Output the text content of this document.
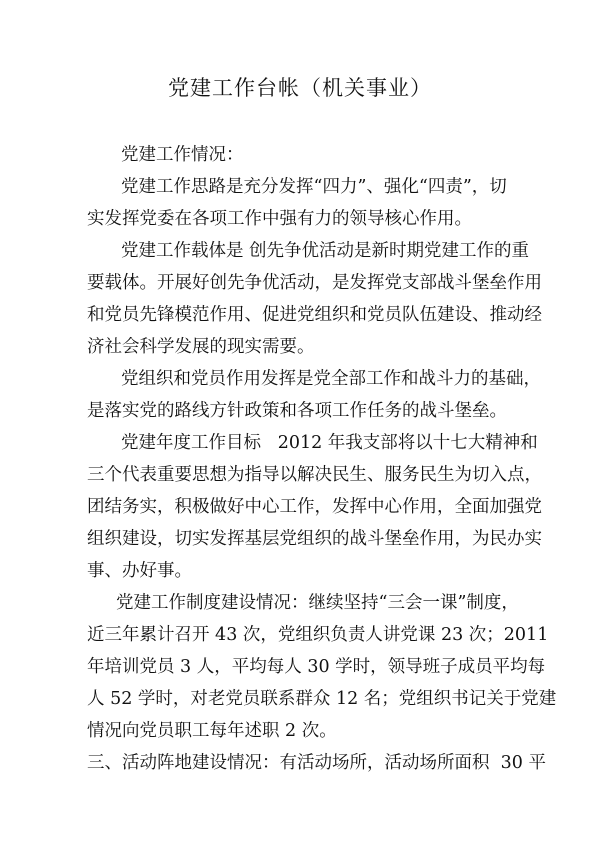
党建工作台帐（机关事业）
党建工作情况：
党建工作思路是充分发挥“四力”、强化“四责”，切
实发挥党委在各项工作中强有力的领导核心作用。
党建工作载体是 创先争优活动是新时期党建工作的重
要载体。开展好创先争优活动，是发挥党支部战斗堡垒作用
和党员先锋模范作用、促进党组织和党员队伍建设、推动经
济社会科学发展的现实需要。
党组织和党员作用发挥是党全部工作和战斗力的基础，
是落实党的路线方针政策和各项工作任务的战斗堡垒。
党建年度工作目标   2012 年我支部将以十七大精神和
三个代表重要思想为指导以解决民生、服务民生为切入点，
团结务实，积极做好中心工作，发挥中心作用，全面加强党
组织建设，切实发挥基层党组织的战斗堡垒作用，为民办实
事、办好事。
党建工作制度建设情况：继续坚持“三会一课”制度，
近三年累计召开 43 次，党组织负责人讲党课 23 次；2011
年培训党员 3 人，平均每人 30 学时，领导班子成员平均每
人 52 学时，对老党员联系群众 12 名；党组织书记关于党建
情况向党员职工每年述职 2 次。
三、活动阵地建设情况：有活动场所，活动场所面积  30 平
